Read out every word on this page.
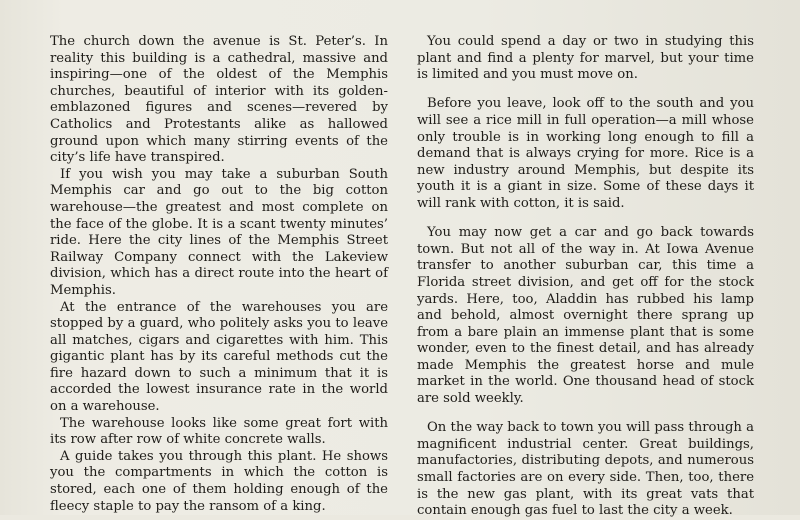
The church down the avenue is St. Peter’s. In reality this building is a cathedral, massive and inspiring—one of the oldest of the Memphis churches, beautiful of interior with its golden-emblazoned figures and scenes—revered by Catholics and Protestants alike as hallowed ground upon which many stirring events of the city’s life have transpired.

If you wish you may take a suburban South Memphis car and go out to the big cotton warehouse—the greatest and most complete on the face of the globe. It is a scant twenty minutes’ ride. Here the city lines of the Memphis Street Railway Company connect with the Lakeview division, which has a direct route into the heart of Memphis.

At the entrance of the warehouses you are stopped by a guard, who politely asks you to leave all matches, cigars and cigarettes with him. This gigantic plant has by its careful methods cut the fire hazard down to such a minimum that it is accorded the lowest insurance rate in the world on a warehouse.

The warehouse looks like some great fort with its row after row of white concrete walls.

A guide takes you through this plant. He shows you the compartments in which the cotton is stored, each one of them holding enough of the fleecy staple to pay the ransom of a king.

You could spend a day or two in studying this plant and find a plenty for marvel, but your time is limited and you must move on.

Before you leave, look off to the south and you will see a rice mill in full operation—a mill whose only trouble is in working long enough to fill a demand that is always crying for more. Rice is a new industry around Memphis, but despite its youth it is a giant in size. Some of these days it will rank with cotton, it is said.

You may now get a car and go back towards town. But not all of the way in. At Iowa Avenue transfer to another suburban car, this time a Florida street division, and get off for the stock yards. Here, too, Aladdin has rubbed his lamp and behold, almost overnight there sprang up from a bare plain an immense plant that is some wonder, even to the finest detail, and has already made Memphis the greatest horse and mule market in the world. One thousand head of stock are sold weekly.

On the way back to town you will pass through a magnificent industrial center. Great buildings, manufactories, distributing depots, and numerous small factories are on every side. Then, too, there is the new gas plant, with its great vats that contain enough gas fuel to last the city a week.
